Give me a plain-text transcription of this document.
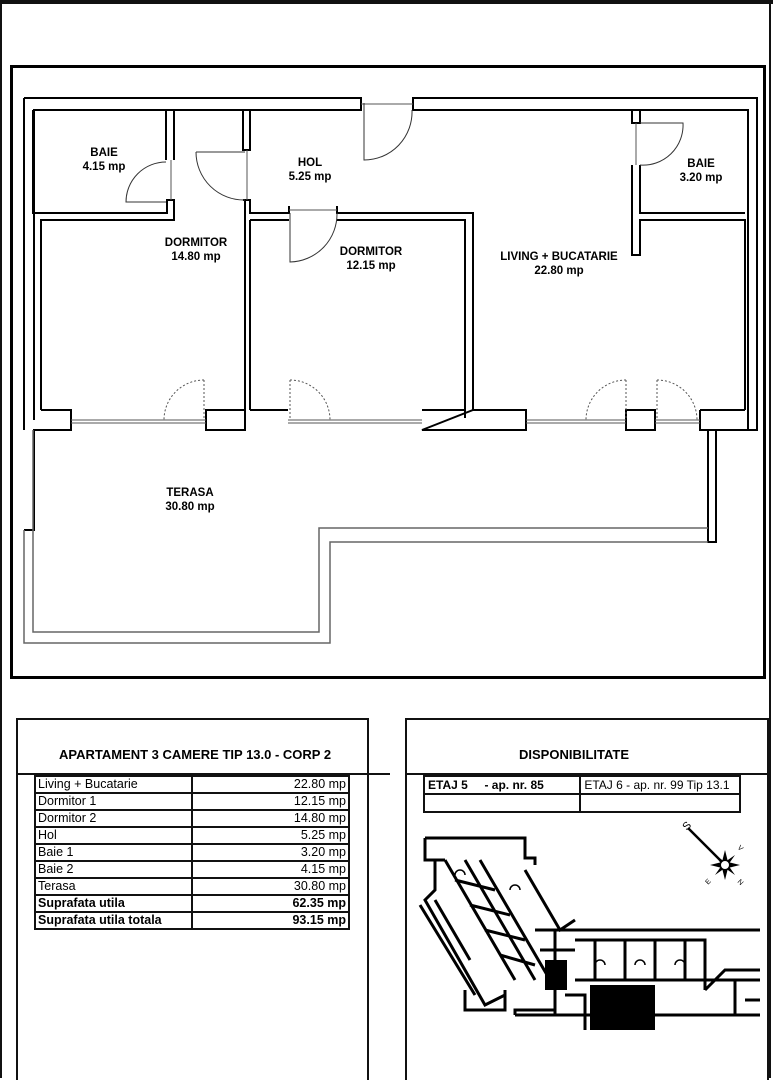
BAIE
4.15 mp	HOL
5.25 mp
BAIE
3.20 mp
DORMITOR
14.80 mp	DORMITOR
12.15 mp
LIVING + BUCATARIE
22.80 mp
TERASA
30.80 mp
APARTAMENT 3 CAMERE TIP 13.0 - CORP 2
Living + Bucatarie	22.80 mp
Dormitor 1	12.15 mp
Dormitor 2	14.80 mp
Hol	5.25 mp
Baie 1	3.20 mp
Baie 2	4.15 mp
Terasa	30.80 mp
Suprafata utila	62.35 mp
Suprafata utila totala	93.15 mp
DISPONIBILITATE
ETAJ 5     - ap. nr. 85	ETAJ 6 - ap. nr. 99 Tip 13.1

S
V
E	N
